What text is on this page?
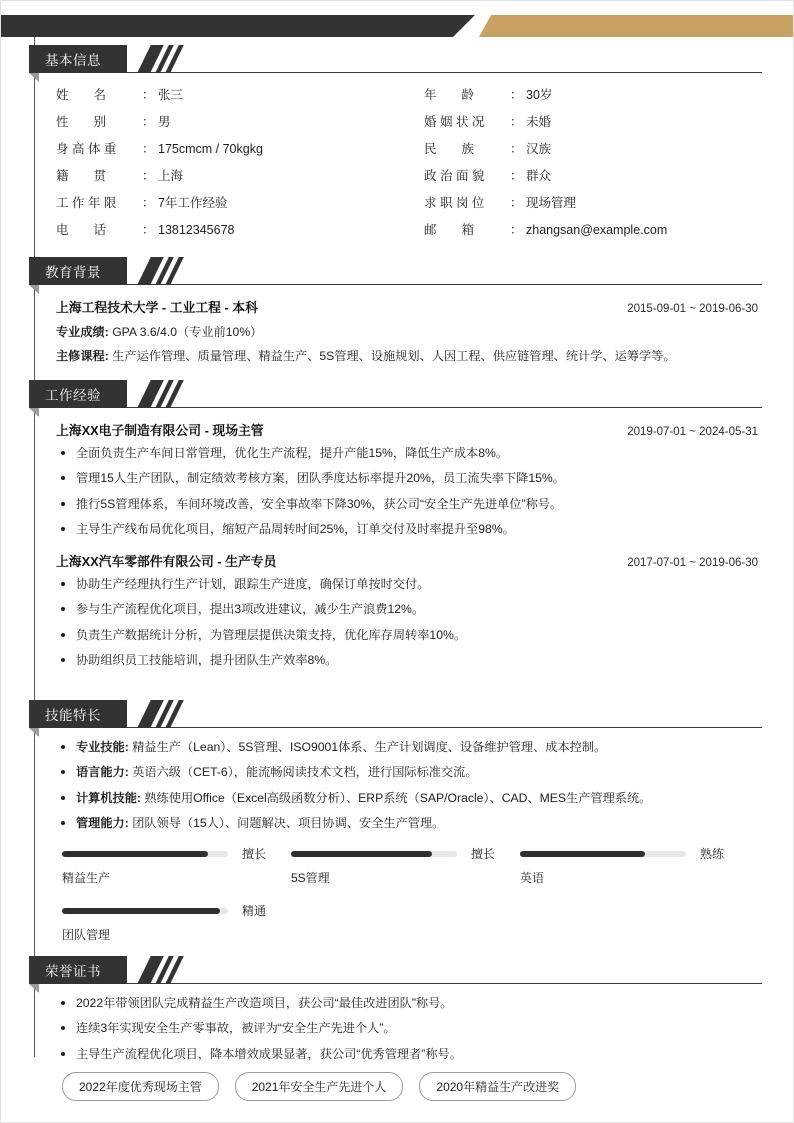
基本信息
姓　　名	： 张三	年　　龄	： 30岁
性　　别	： 男	婚 姻 状 况	： 未婚
身 高 体 重	： 175cmcm / 70kgkg	民　　族	： 汉族
籍　　贯	： 上海	政 治 面 貌	： 群众
工 作 年 限	： 7年工作经验	求 职 岗 位	： 现场管理
电　　话	： 13812345678	邮　　箱	： zhangsan@example.com
教育背景
上海工程技术大学 - 工业工程 - 本科	2015-09-01 ~ 2019-06-30
专业成绩: GPA 3.6/4.0（专业前10%）
主修课程: 生产运作管理、质量管理、精益生产、5S管理、设施规划、人因工程、供应链管理、统计学、运筹学等。
工作经验
上海XX电子制造有限公司 - 现场主管	2019-07-01 ~ 2024-05-31
全面负责生产车间日常管理，优化生产流程，提升产能15%，降低生产成本8%。
管理15人生产团队，制定绩效考核方案，团队季度达标率提升20%，员工流失率下降15%。
推行5S管理体系，车间环境改善，安全事故率下降30%，获公司“安全生产先进单位”称号。
主导生产线布局优化项目，缩短产品周转时间25%，订单交付及时率提升至98%。
上海XX汽车零部件有限公司 - 生产专员	2017-07-01 ~ 2019-06-30
协助生产经理执行生产计划，跟踪生产进度，确保订单按时交付。
参与生产流程优化项目，提出3项改进建议，减少生产浪费12%。
负责生产数据统计分析，为管理层提供决策支持，优化库存周转率10%。
协助组织员工技能培训，提升团队生产效率8%。
技能特长
专业技能: 精益生产（Lean）、5S管理、ISO9001体系、生产计划调度、设备维护管理、成本控制。
语言能力: 英语六级（CET-6），能流畅阅读技术文档，进行国际标准交流。
计算机技能: 熟练使用Office（Excel高级函数分析）、ERP系统（SAP/Oracle）、CAD、MES生产管理系统。
管理能力: 团队领导（15人）、问题解决、项目协调、安全生产管理。
擅长
精益生产
擅长
5S管理
熟练
英语
精通
团队管理
荣誉证书
2022年带领团队完成精益生产改造项目，获公司“最佳改进团队”称号。
连续3年实现安全生产零事故，被评为“安全生产先进个人”。
主导生产流程优化项目，降本增效成果显著，获公司“优秀管理者”称号。
2022年度优秀现场主管	2021年安全生产先进个人	2020年精益生产改进奖
